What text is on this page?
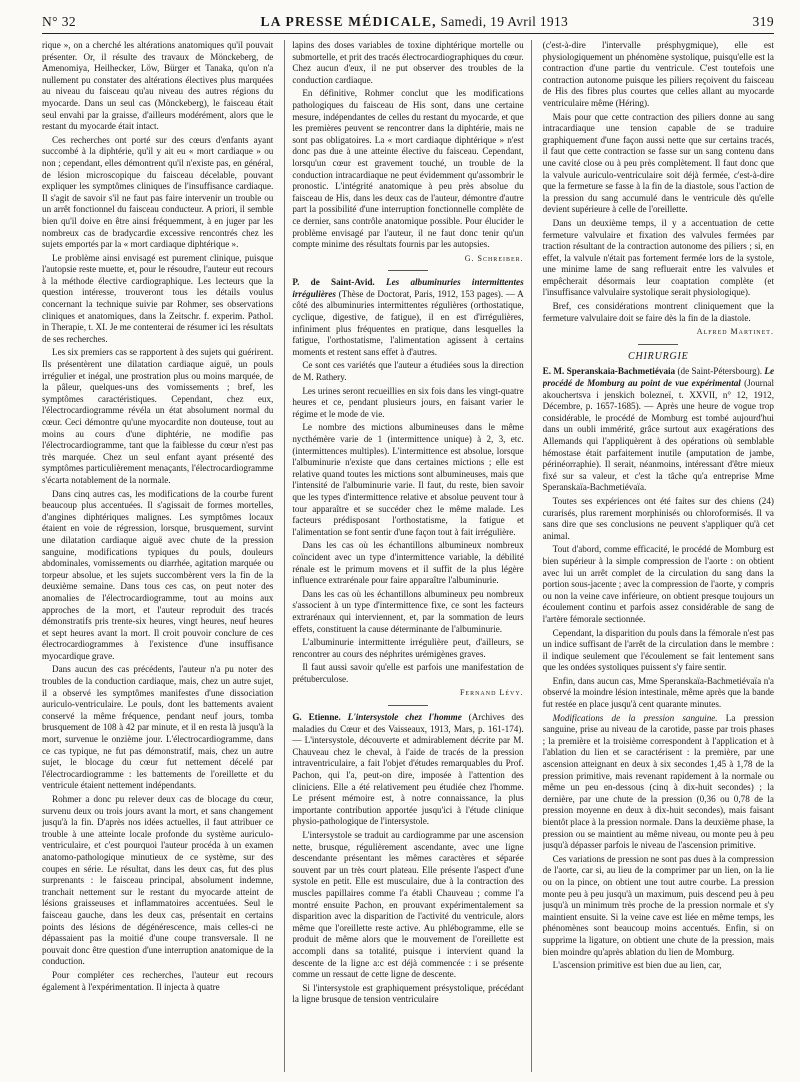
N° 32	LA PRESSE MÉDICALE, Samedi, 19 Avril 1913	319

rique », on a cherché les altérations anatomiques qu'il pouvait présenter. Or, il résulte des travaux de Mönckeberg, de Amenomiya, Heilhecker, Löw, Bürger et Tanaka, qu'on n'a nullement pu constater des altérations électives plus marquées au niveau du faisceau qu'au niveau des autres régions du myocarde. Dans un seul cas (Mönckeberg), le faisceau était seul envahi par la graisse, d'ailleurs modérément, alors que le restant du myocarde était intact.

Ces recherches ont porté sur des cœurs d'enfants ayant succombé à la diphtérie, qu'il y ait eu « mort cardiaque » ou non ; cependant, elles démontrent qu'il n'existe pas, en général, de lésion microscopique du faisceau décelable, pouvant expliquer les symptômes cliniques de l'insuffisance cardiaque. Il s'agit de savoir s'il ne faut pas faire intervenir un trouble ou un arrêt fonctionnel du faisceau conducteur. A priori, il semble bien qu'il doive en être ainsi fréquemment, à en juger par les nombreux cas de bradycardie excessive rencontrés chez les sujets emportés par la « mort cardiaque diphtérique ».

Le problème ainsi envisagé est purement clinique, puisque l'autopsie reste muette, et, pour le résoudre, l'auteur eut recours à la méthode élective cardiographique. Les lecteurs que la question intéresse, trouveront tous les détails voulus concernant la technique suivie par Rohmer, ses observations cliniques et anatomiques, dans la Zeitschr. f. experim. Pathol. in Therapie, t. XI. Je me contenterai de résumer ici les résultats de ses recherches.

Les six premiers cas se rapportent à des sujets qui guérirent. Ils présentèrent une dilatation cardiaque aiguë, un pouls irrégulier et inégal, une prostration plus ou moins marquée, de la pâleur, quelques-uns des vomissements ; bref, les symptômes caractéristiques. Cependant, chez eux, l'électrocardiogramme révéla un état absolument normal du cœur. Ceci démontre qu'une myocardite non douteuse, tout au moins au cours d'une diphtérie, ne modifie pas l'électrocardiogramme, tant que la faiblesse du cœur n'est pas très marquée. Chez un seul enfant ayant présenté des symptômes particulièrement menaçants, l'électrocardiogramme s'écarta notablement de la normale.

Dans cinq autres cas, les modifications de la courbe furent beaucoup plus accentuées. Il s'agissait de formes mortelles, d'angines diphtériques malignes. Les symptômes locaux étaient en voie de régression, lorsque, brusquement, survint une dilatation cardiaque aiguë avec chute de la pression sanguine, modifications typiques du pouls, douleurs abdominales, vomissements ou diarrhée, agitation marquée ou torpeur absolue, et les sujets succombèrent vers la fin de la deuxième semaine. Dans tous ces cas, on peut noter des anomalies de l'électrocardiogramme, tout au moins aux approches de la mort, et l'auteur reproduit des tracés démonstratifs pris trente-six heures, vingt heures, neuf heures et sept heures avant la mort. Il croit pouvoir conclure de ces électrocardiogrammes à l'existence d'une insuffisance myocardique grave.

Dans aucun des cas précédents, l'auteur n'a pu noter des troubles de la conduction cardiaque, mais, chez un autre sujet, il a observé les symptômes manifestes d'une dissociation auriculo-ventriculaire. Le pouls, dont les battements avaient conservé la même fréquence, pendant neuf jours, tomba brusquement de 108 à 42 par minute, et il en resta là jusqu'à la mort, survenue le onzième jour. L'électrocardiogramme, dans ce cas typique, ne fut pas démonstratif, mais, chez un autre sujet, le blocage du cœur fut nettement décelé par l'électrocardiogramme : les battements de l'oreillette et du ventricule étaient nettement indépendants.

Rohmer a donc pu relever deux cas de blocage du cœur, survenu deux ou trois jours avant la mort, et sans changement jusqu'à la fin. D'après nos idées actuelles, il faut attribuer ce trouble à une atteinte locale profonde du système auriculo-ventriculaire, et c'est pourquoi l'auteur procéda à un examen anatomo-pathologique minutieux de ce système, sur des coupes en série. Le résultat, dans les deux cas, fut des plus surprenants : le faisceau principal, absolument indemne, tranchait nettement sur le restant du myocarde atteint de lésions graisseuses et inflammatoires accentuées. Seul le faisceau gauche, dans les deux cas, présentait en certains points des lésions de dégénérescence, mais celles-ci ne dépassaient pas la moitié d'une coupe transversale. Il ne pouvait donc être question d'une interruption anatomique de la conduction.

Pour compléter ces recherches, l'auteur eut recours également à l'expérimentation. Il injecta à quatre

lapins des doses variables de toxine diphtérique mortelle ou submortelle, et prit des tracés électrocardiographiques du cœur. Chez aucun d'eux, il ne put observer des troubles de la conduction cardiaque.

En définitive, Rohmer conclut que les modifications pathologiques du faisceau de His sont, dans une certaine mesure, indépendantes de celles du restant du myocarde, et que les premières peuvent se rencontrer dans la diphtérie, mais ne sont pas obligatoires. La « mort cardiaque diphtérique » n'est donc pas due à une atteinte élective du faisceau. Cependant, lorsqu'un cœur est gravement touché, un trouble de la conduction intracardiaque ne peut évidemment qu'assombrir le pronostic. L'intégrité anatomique à peu près absolue du faisceau de His, dans les deux cas de l'auteur, démontre d'autre part la possibilité d'une interruption fonctionnelle complète de ce dernier, sans contrôle anatomique possible. Pour élucider le problème envisagé par l'auteur, il ne faut donc tenir qu'un compte minime des résultats fournis par les autopsies.

G. Schreiber.

P. de Saint-Avid. Les albuminuries intermittentes irrégulières (Thèse de Doctorat, Paris, 1912, 153 pages). — A côté des albuminuries intermittentes régulières (orthostatique, cyclique, digestive, de fatigue), il en est d'irrégulières, infiniment plus fréquentes en pratique, dans lesquelles la fatigue, l'orthostatisme, l'alimentation agissent à certains moments et restent sans effet à d'autres.

Ce sont ces variétés que l'auteur a étudiées sous la direction de M. Rathery.

Les urines seront recueillies en six fois dans les vingt-quatre heures et ce, pendant plusieurs jours, en faisant varier le régime et le mode de vie.

Le nombre des mictions albumineuses dans le même nycthémère varie de 1 (intermittence unique) à 2, 3, etc. (intermittences multiples). L'intermittence est absolue, lorsque l'albuminurie n'existe que dans certaines mictions ; elle est relative quand toutes les mictions sont albumineuses, mais que l'intensité de l'albuminurie varie. Il faut, du reste, bien savoir que les types d'intermittence relative et absolue peuvent tour à tour apparaître et se succéder chez le même malade. Les facteurs prédisposant l'orthostatisme, la fatigue et l'alimentation se font sentir d'une façon tout à fait irrégulière.

Dans les cas où les échantillons albumineux nombreux coïncident avec un type d'intermittence variable, la débilité rénale est le primum movens et il suffit de la plus légère influence extrarénale pour faire apparaître l'albuminurie.

Dans les cas où les échantillons albumineux peu nombreux s'associent à un type d'intermittence fixe, ce sont les facteurs extrarénaux qui interviennent, et, par la sommation de leurs effets, constituent la cause déterminante de l'albuminurie.

L'albuminurie intermittente irrégulière peut, d'ailleurs, se rencontrer au cours des néphrites urémigènes graves.

Il faut aussi savoir qu'elle est parfois une manifestation de prétuberculose.

Fernand Lévy.

G. Etienne. L'intersystole chez l'homme (Archives des maladies du Cœur et des Vaisseaux, 1913, Mars, p. 161-174). — L'intersystole, découverte et admirablement décrite par M. Chauveau chez le cheval, à l'aide de tracés de la pression intraventriculaire, a fait l'objet d'études remarquables du Prof. Pachon, qui l'a, peut-on dire, imposée à l'attention des cliniciens. Elle a été relativement peu étudiée chez l'homme. Le présent mémoire est, à notre connaissance, la plus importante contribution apportée jusqu'ici à l'étude clinique physio-pathologique de l'intersystole.

L'intersystole se traduit au cardiogramme par une ascension nette, brusque, régulièrement ascendante, avec une ligne descendante présentant les mêmes caractères et séparée souvent par un très court plateau. Elle présente l'aspect d'une systole en petit. Elle est musculaire, due à la contraction des muscles papillaires comme l'a établi Chauveau ; comme l'a montré ensuite Pachon, en prouvant expérimentalement sa disparition avec la disparition de l'activité du ventricule, alors même que l'oreillette reste active. Au phlébogramme, elle se produit de même alors que le mouvement de l'oreillette est accompli dans sa totalité, puisque i intervient quand la descente de la ligne a:c est déjà commencée : i se présente comme un ressaut de cette ligne de descente.

Si l'intersystole est graphiquement présystolique, précédant la ligne brusque de tension ventriculaire

(c'est-à-dire l'intervalle présphygmique), elle est physiologiquement un phénomène systolique, puisqu'elle est la contraction d'une partie du ventricule. C'est toutefois une contraction autonome puisque les piliers reçoivent du faisceau de His des fibres plus courtes que celles allant au myocarde ventriculaire même (Héring).

Mais pour que cette contraction des piliers donne au sang intracardiaque une tension capable de se traduire graphiquement d'une façon aussi nette que sur certains tracés, il faut que cette contraction se fasse sur un sang contenu dans une cavité close ou à peu près complètement. Il faut donc que la valvule auriculo-ventriculaire soit déjà fermée, c'est-à-dire que la fermeture se fasse à la fin de la diastole, sous l'action de la pression du sang accumulé dans le ventricule dès qu'elle devient supérieure à celle de l'oreillette.

Dans un deuxième temps, il y a accentuation de cette fermeture valvulaire et fixation des valvules fermées par traction résultant de la contraction autonome des piliers ; si, en effet, la valvule n'était pas fortement fermée lors de la systole, une minime lame de sang refluerait entre les valvules et empêcherait désormais leur coaptation complète (et l'insuffisance valvulaire systolique serait physiologique).

Bref, ces considérations montrent cliniquement que la fermeture valvulaire doit se faire dès la fin de la diastole.

Alfred Martinet.
CHIRURGIE

E. M. Speranskaia-Bachmetiévaia (de Saint-Pétersbourg). Le procédé de Momburg au point de vue expérimental (Journal akouchertsva i jenskich bolezneï, t. XXVII, n° 12, 1912, Décembre, p. 1657-1685). — Après une heure de vogue trop considérable, le procédé de Momburg est tombé aujourd'hui dans un oubli immérité, grâce surtout aux exagérations des Allemands qui l'appliquèrent à des opérations où semblable hémostase était parfaitement inutile (amputation de jambe, périnéorraphie). Il serait, néanmoins, intéressant d'être mieux fixé sur sa valeur, et c'est la tâche qu'a entreprise Mme Speranskaïa-Bachmetiévaïa.

Toutes ses expériences ont été faites sur des chiens (24) curarisés, plus rarement morphinisés ou chloroformisés. Il va sans dire que ses conclusions ne peuvent s'appliquer qu'à cet animal.

Tout d'abord, comme efficacité, le procédé de Momburg est bien supérieur à la simple compression de l'aorte : on obtient avec lui un arrêt complet de la circulation du sang dans la portion sous-jacente ; avec la compression de l'aorte, y compris ou non la veine cave inférieure, on obtient presque toujours un écoulement continu et parfois assez considérable de sang de l'artère fémorale sectionnée.

Cependant, la disparition du pouls dans la fémorale n'est pas un indice suffisant de l'arrêt de la circulation dans le membre : il indique seulement que l'écoulement se fait lentement sans que les ondées systoliques puissent s'y faire sentir.

Enfin, dans aucun cas, Mme Speranskaïa-Bachmetiévaïa n'a observé la moindre lésion intestinale, même après que la bande fut restée en place jusqu'à cent quarante minutes.

Modifications de la pression sanguine. La pression sanguine, prise au niveau de la carotide, passe par trois phases ; la première et la troisième correspondent à l'application et à l'ablation du lien et se caractérisent : la première, par une ascension atteignant en deux à six secondes 1,45 à 1,78 de la pression primitive, mais revenant rapidement à la normale ou même un peu en-dessous (cinq à dix-huit secondes) ; la dernière, par une chute de la pression (0,36 ou 0,78 de la pression moyenne en deux à dix-huit secondes), mais faisant bientôt place à la pression normale. Dans la deuxième phase, la pression ou se maintient au même niveau, ou monte peu à peu jusqu'à dépasser parfois le niveau de l'ascension primitive.

Ces variations de pression ne sont pas dues à la compression de l'aorte, car si, au lieu de la comprimer par un lien, on la lie ou on la pince, on obtient une tout autre courbe. La pression monte peu à peu jusqu'à un maximum, puis descend peu à peu jusqu'à un minimum très proche de la pression normale et s'y maintient ensuite. Si la veine cave est liée en même temps, les phénomènes sont beaucoup moins accentués. Enfin, si on supprime la ligature, on obtient une chute de la pression, mais bien moindre qu'après ablation du lien de Momburg.

L'ascension primitive est bien due au lien, car,
